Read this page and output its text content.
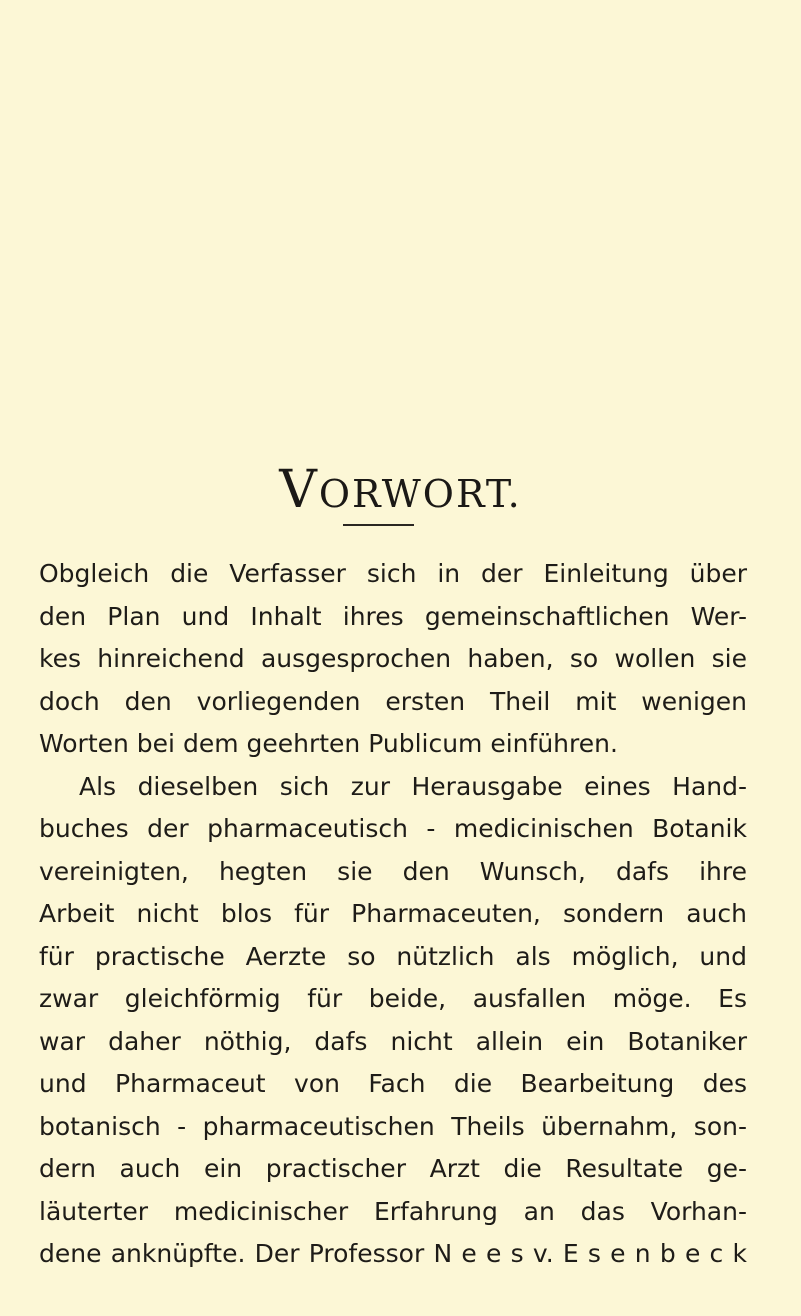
VORWORT.
Obgleich die Verfasser sich in der Einleitung über
den Plan und Inhalt ihres gemeinschaftlichen Wer-
kes hinreichend ausgesprochen haben, so wollen sie
doch den vorliegenden ersten Theil mit wenigen
Worten bei dem geehrten Publicum einführen.
Als dieselben sich zur Herausgabe eines Hand-
buches der pharmaceutisch - medicinischen Botanik
vereinigten, hegten sie den Wunsch, dafs ihre
Arbeit nicht blos für Pharmaceuten, sondern auch
für practische Aerzte so nützlich als möglich, und
zwar gleichförmig für beide, ausfallen möge. Es
war daher nöthig, dafs nicht allein ein Botaniker
und Pharmaceut von Fach die Bearbeitung des
botanisch - pharmaceutischen Theils übernahm, son-
dern auch ein practischer Arzt die Resultate ge-
läuterter medicinischer Erfahrung an das Vorhan-
dene anknüpfte. Der Professor N e e s v. E s e n b e c k
